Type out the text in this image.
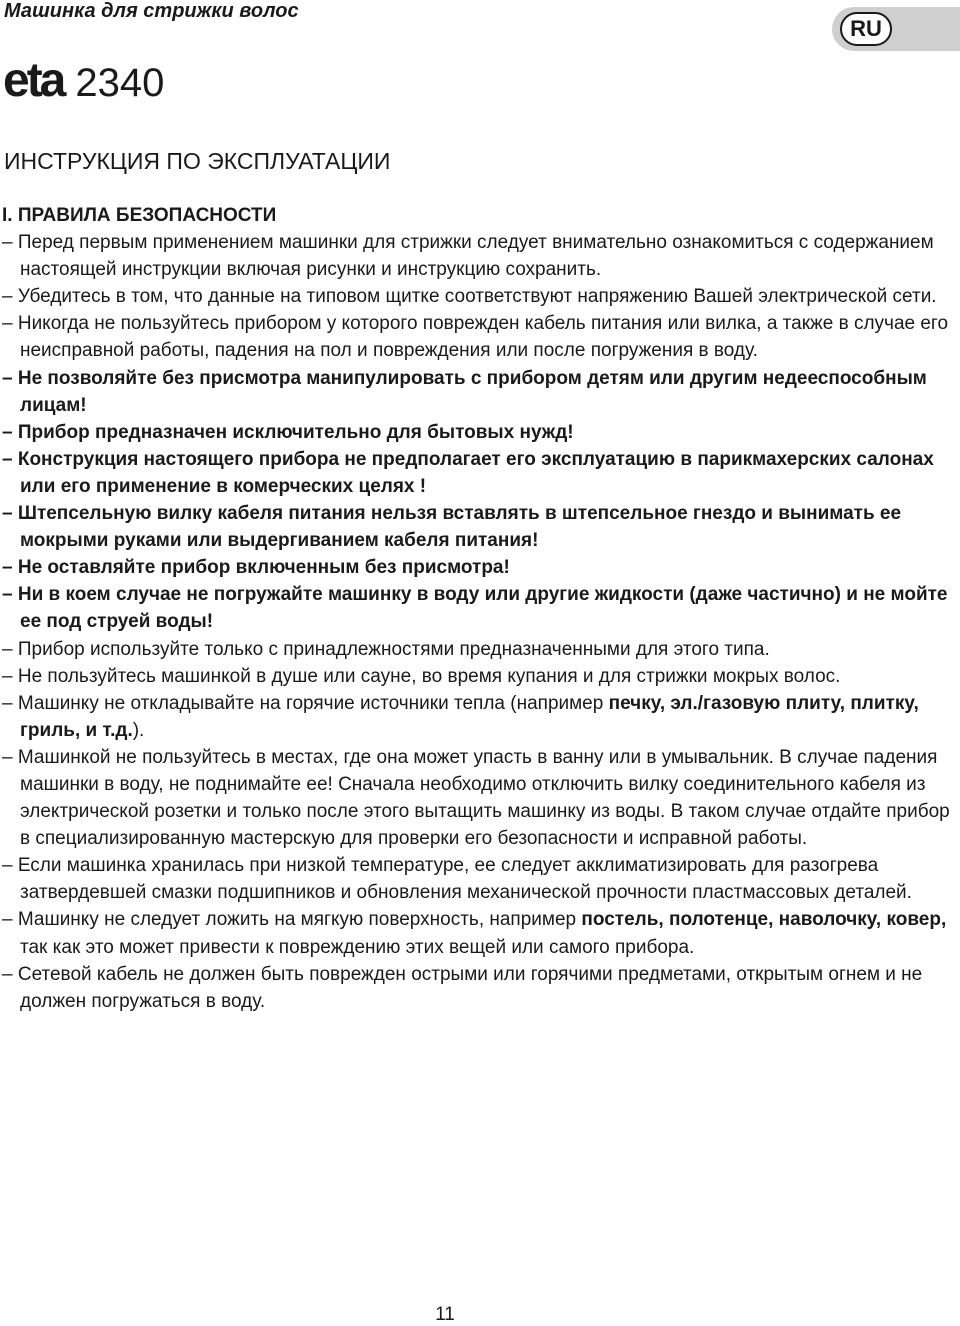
Машинка для стрижки волос
RU
eta 2340
ИНСТРУКЦИЯ ПО ЭКСПЛУАТАЦИИ

I. ПРАВИЛА БЕЗОПАСНОСТИ

– Перед первым применением машинки для стрижки следует внимательно ознакомиться с содержанием настоящей инструкции включая рисунки и инструкцию сохранить.
– Убедитесь в том, что данные на типовом щитке соответствуют напряжению Вашей электрической сети.
– Никогда не пользуйтесь прибором у которого поврежден кабель питания или вилка, а также в случае его неисправной работы, падения на пол и повреждения или после погружения в воду.
– Не позволяйте без присмотра манипулировать с прибором детям или другим недееспособным лицам!
– Прибор предназначен исключительно для бытовых нужд!
– Конструкция настоящего прибора не предполагает его эксплуатацию в парикмахерских салонах или его применение в комерческих целях !
– Штепсельную вилку кабеля питания нельзя вставлять в штепсельное гнездо и вынимать ее мокрыми руками или выдергиванием кабеля питания!
– Не оставляйте прибор включенным без присмотра!
– Ни в коем случае не погружайте машинку в воду или другие жидкости (даже частично) и не мойте ее под струей воды!
– Прибор используйте только с принадлежностями предназначенными для этого типа.
– Не пользуйтесь машинкой в душе или сауне, во время купания и для стрижки мокрых волос.
– Машинку не откладывайте на горячие источники тепла (например печку, эл./газовую плиту, плитку, гриль, и т.д.).
– Машинкой не пользуйтесь в местах, где она может упасть в ванну или в умывальник. В случае падения машинки в воду, не поднимайте ее! Сначала необходимо отключить вилку соединительного кабеля из электрической розетки и только после этого вытащить машинку из воды. В таком случае отдайте прибор в специализированную мастерскую для проверки его безопасности и исправной работы.
– Если машинка хранилась при низкой температуре, ее следует акклиматизировать для разогрева затвердевшей смазки подшипников и обновления механической прочности пластмассовых деталей.
– Машинку не следует ложить на мягкую поверхность, например постель, полотенце, наволочку, ковер, так как это может привести к повреждению этих вещей или самого прибора.
– Сетевой кабель не должен быть поврежден острыми или горячими предметами, открытым огнем и не должен погружаться в воду.
11
